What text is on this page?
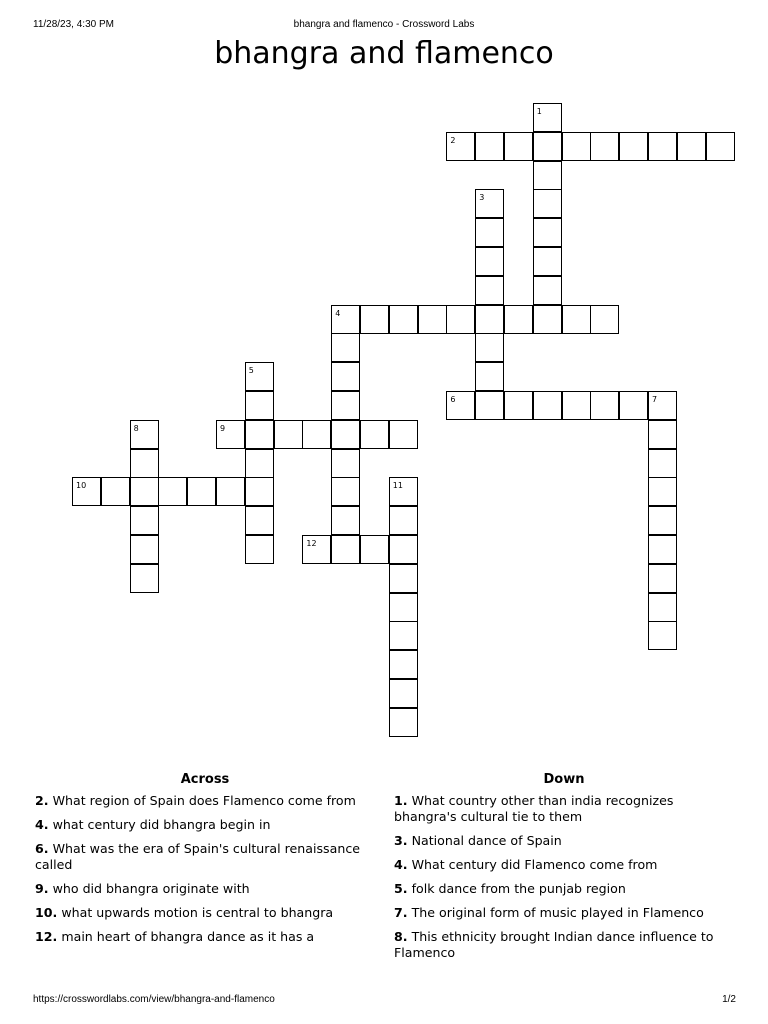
11/28/23, 4:30 PM	bhangra and flamenco - Crossword Labs
bhangra and flamenco
1
2
3
4
5
6	7
8	9
10	11
12
Across

2. What region of Spain does Flamenco come from

4. what century did bhangra begin in

6. What was the era of Spain's cultural renaissance called

9. who did bhangra originate with

10. what upwards motion is central to bhangra

12. main heart of bhangra dance as it has a

Down

1. What country other than india recognizes bhangra's cultural tie to them

3. National dance of Spain

4. What century did Flamenco come from

5. folk dance from the punjab region

7. The original form of music played in Flamenco

8. This ethnicity brought Indian dance influence to Flamenco

https://crosswordlabs.com/view/bhangra-and-flamenco	1/2
